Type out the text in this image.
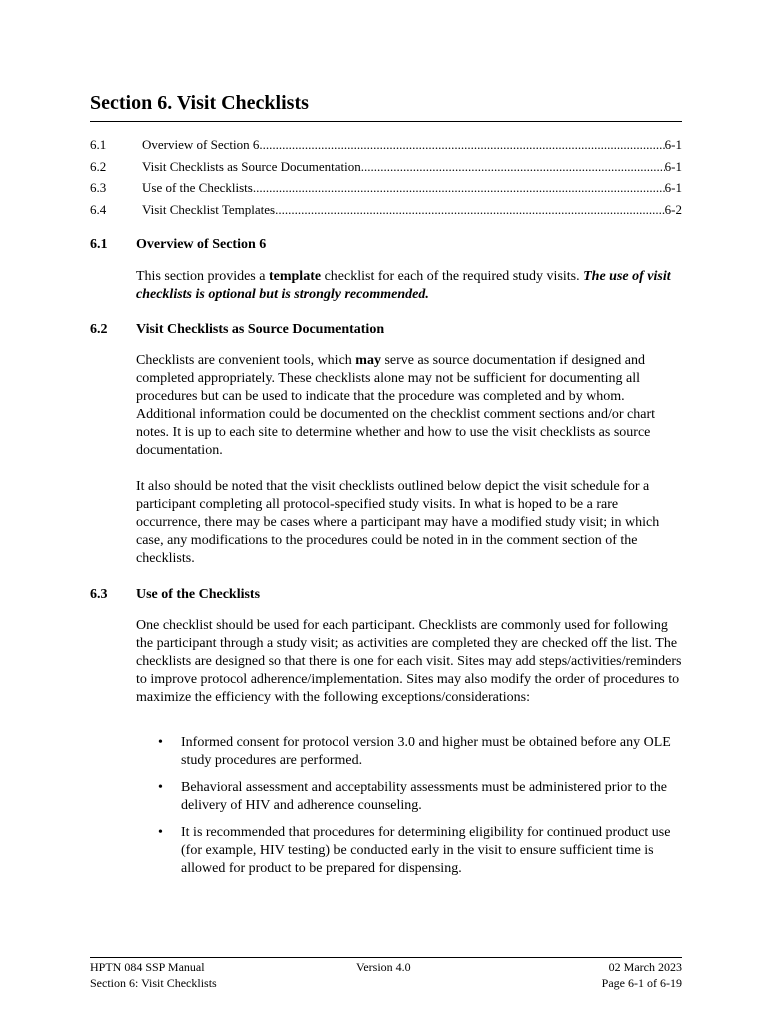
Section 6. Visit Checklists
6.1	Overview of Section 6 .....	6-1
6.2	Visit Checklists as Source Documentation .....	6-1
6.3	Use of the Checklists .....	6-1
6.4	Visit Checklist Templates .....	6-2
6.1	Overview of Section 6
This section provides a template checklist for each of the required study visits. The use of visit checklists is optional but is strongly recommended.
6.2	Visit Checklists as Source Documentation
Checklists are convenient tools, which may serve as source documentation if designed and completed appropriately. These checklists alone may not be sufficient for documenting all procedures but can be used to indicate that the procedure was completed and by whom. Additional information could be documented on the checklist comment sections and/or chart notes. It is up to each site to determine whether and how to use the visit checklists as source documentation.
It also should be noted that the visit checklists outlined below depict the visit schedule for a participant completing all protocol-specified study visits. In what is hoped to be a rare occurrence, there may be cases where a participant may have a modified study visit; in which case, any modifications to the procedures could be noted in in the comment section of the checklists.
6.3	Use of the Checklists
One checklist should be used for each participant. Checklists are commonly used for following the participant through a study visit; as activities are completed they are checked off the list. The checklists are designed so that there is one for each visit. Sites may add steps/activities/reminders to improve protocol adherence/implementation. Sites may also modify the order of procedures to maximize the efficiency with the following exceptions/considerations:
• Informed consent for protocol version 3.0 and higher must be obtained before any OLE study procedures are performed.
• Behavioral assessment and acceptability assessments must be administered prior to the delivery of HIV and adherence counseling.
• It is recommended that procedures for determining eligibility for continued product use (for example, HIV testing) be conducted early in the visit to ensure sufficient time is allowed for product to be prepared for dispensing.
HPTN 084 SSP Manual
Section 6: Visit Checklists
Version 4.0	02 March 2023
Page 6-1 of 6-19
